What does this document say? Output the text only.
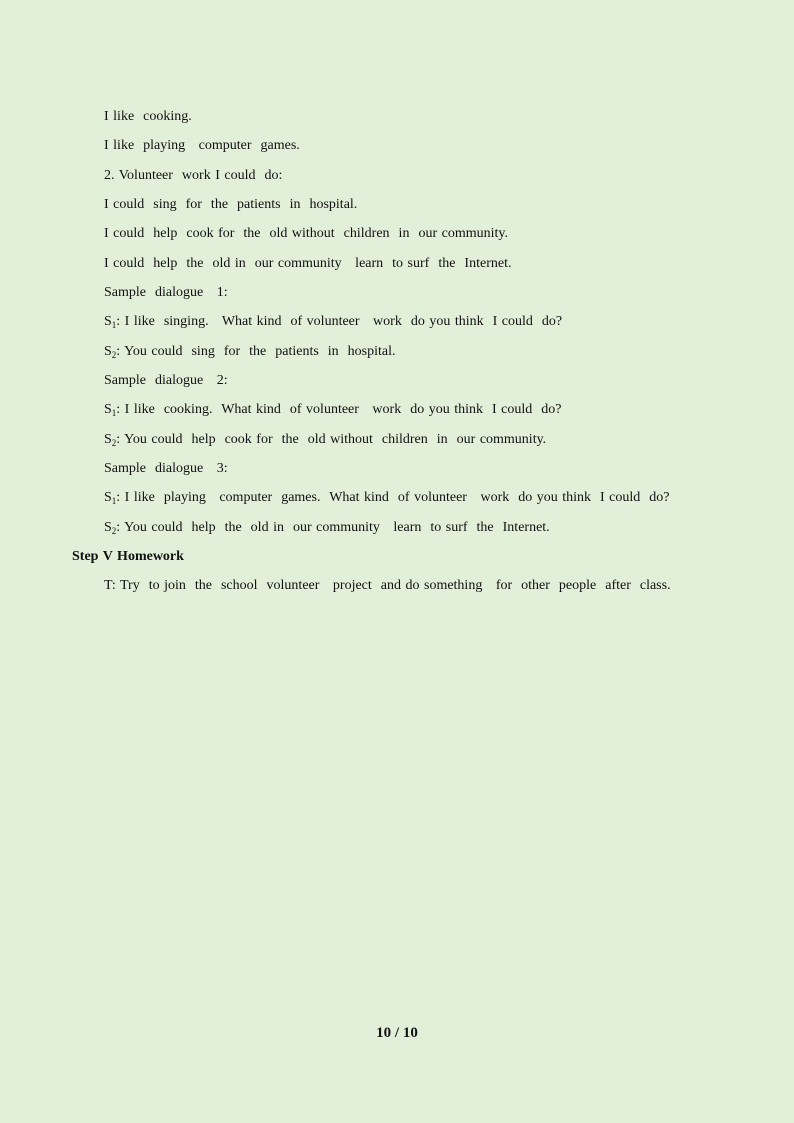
I like  cooking.
I like  playing   computer  games.
2. Volunteer  work I could  do:
I could  sing  for  the  patients  in  hospital.
I could  help  cook for  the  old without  children  in  our community.
I could  help  the  old in  our community   learn  to surf  the  Internet.
Sample  dialogue   1:
$S_1$: I like  singing.   What kind  of volunteer   work  do you think  I could  do?
$S_2$: You could  sing  for  the  patients  in  hospital.
Sample  dialogue   2:
$S_1$: I like  cooking.  What kind  of volunteer   work  do you think  I could  do?
$S_2$: You could  help  cook for  the  old without  children  in  our community.
Sample  dialogue   3:
$S_1$: I like  playing   computer  games.  What kind  of volunteer   work  do you think  I could  do?
$S_2$: You could  help  the  old in  our community   learn  to surf  the  Internet.
Step V Homework
T: Try  to join  the  school  volunteer   project  and do something   for  other  people  after  class.
10 / 10
